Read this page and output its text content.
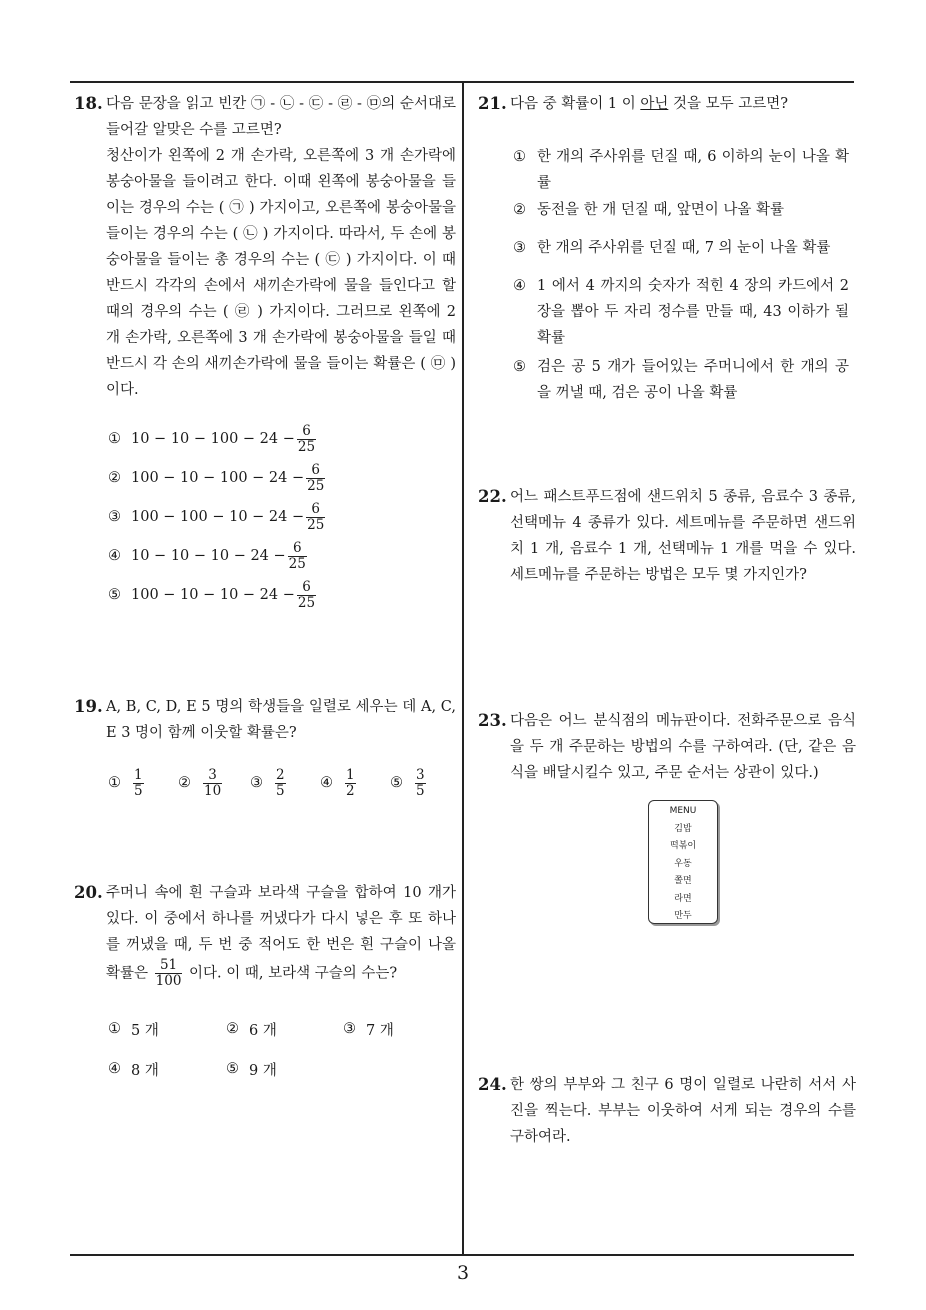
18. 다음 문장을 읽고 빈칸 ㉠ - ㉡ - ㉢ - ㉣ - ㉤의 순서대로 들어갈 알맞은 수를 고르면?

청산이가 왼쪽에 2 개 손가락, 오른쪽에 3 개 손가락에 봉숭아물을 들이려고 한다. 이때 왼쪽에 봉숭아물을 들이는 경우의 수는 ( ㉠ ) 가지이고, 오른쪽에 봉숭아물을 들이는 경우의 수는 ( ㉡ ) 가지이다. 따라서, 두 손에 봉숭아물을 들이는 총 경우의 수는 ( ㉢ ) 가지이다. 이 때 반드시 각각의 손에서 새끼손가락에 물을 들인다고 할 때의 경우의 수는 ( ㉣ ) 가지이다. 그러므로 왼쪽에 2 개 손가락, 오른쪽에 3 개 손가락에 봉숭아물을 들일 때 반드시 각 손의 새끼손가락에 물을 들이는 확률은 ( ㉤ ) 이다.

① $10 - 10 - 100 - 24 - \frac{6}{25}$
② $100 - 10 - 100 - 24 - \frac{6}{25}$
③ $100 - 100 - 10 - 24 - \frac{6}{25}$
④ $10 - 10 - 10 - 24 - \frac{6}{25}$
⑤ $100 - 10 - 10 - 24 - \frac{6}{25}$
19. A, B, C, D, E 5 명의 학생들을 일렬로 세우는 데 A, C, E 3 명이 함께 이웃할 확률은?

① $\frac{1}{5}$ ② $\frac{3}{10}$ ③ $\frac{2}{5}$ ④ $\frac{1}{2}$ ⑤ $\frac{3}{5}$
20. 주머니 속에 흰 구슬과 보라색 구슬을 합하여 10 개가 있다. 이 중에서 하나를 꺼냈다가 다시 넣은 후 또 하나를 꺼냈을 때, 두 번 중 적어도 한 번은 흰 구슬이 나올 확률은 $\frac{51}{100}$ 이다. 이 때, 보라색 구슬의 수는?

① 5 개	② 6 개	③ 7 개
④ 8 개	⑤ 9 개
21. 다음 중 확률이 1 이 아닌 것을 모두 고르면?

① 한 개의 주사위를 던질 때, 6 이하의 눈이 나올 확률
② 동전을 한 개 던질 때, 앞면이 나올 확률
③ 한 개의 주사위를 던질 때, 7 의 눈이 나올 확률
④ 1 에서 4 까지의 숫자가 적힌 4 장의 카드에서 2 장을 뽑아 두 자리 정수를 만들 때, 43 이하가 될 확률
⑤ 검은 공 5 개가 들어있는 주머니에서 한 개의 공을 꺼낼 때, 검은 공이 나올 확률
22. 어느 패스트푸드점에 샌드위치 5 종류, 음료수 3 종류, 선택메뉴 4 종류가 있다. 세트메뉴를 주문하면 샌드위치 1 개, 음료수 1 개, 선택메뉴 1 개를 먹을 수 있다. 세트메뉴를 주문하는 방법은 모두 몇 가지인가?

23. 다음은 어느 분식점의 메뉴판이다. 전화주문으로 음식을 두 개 주문하는 방법의 수를 구하여라. (단, 같은 음식을 배달시킬수 있고, 주문 순서는 상관이 있다.)

MENU
김밥
떡볶이
우동
쫄면
라면
만두
24. 한 쌍의 부부와 그 친구 6 명이 일렬로 나란히 서서 사진을 찍는다. 부부는 이웃하여 서게 되는 경우의 수를 구하여라.

3
